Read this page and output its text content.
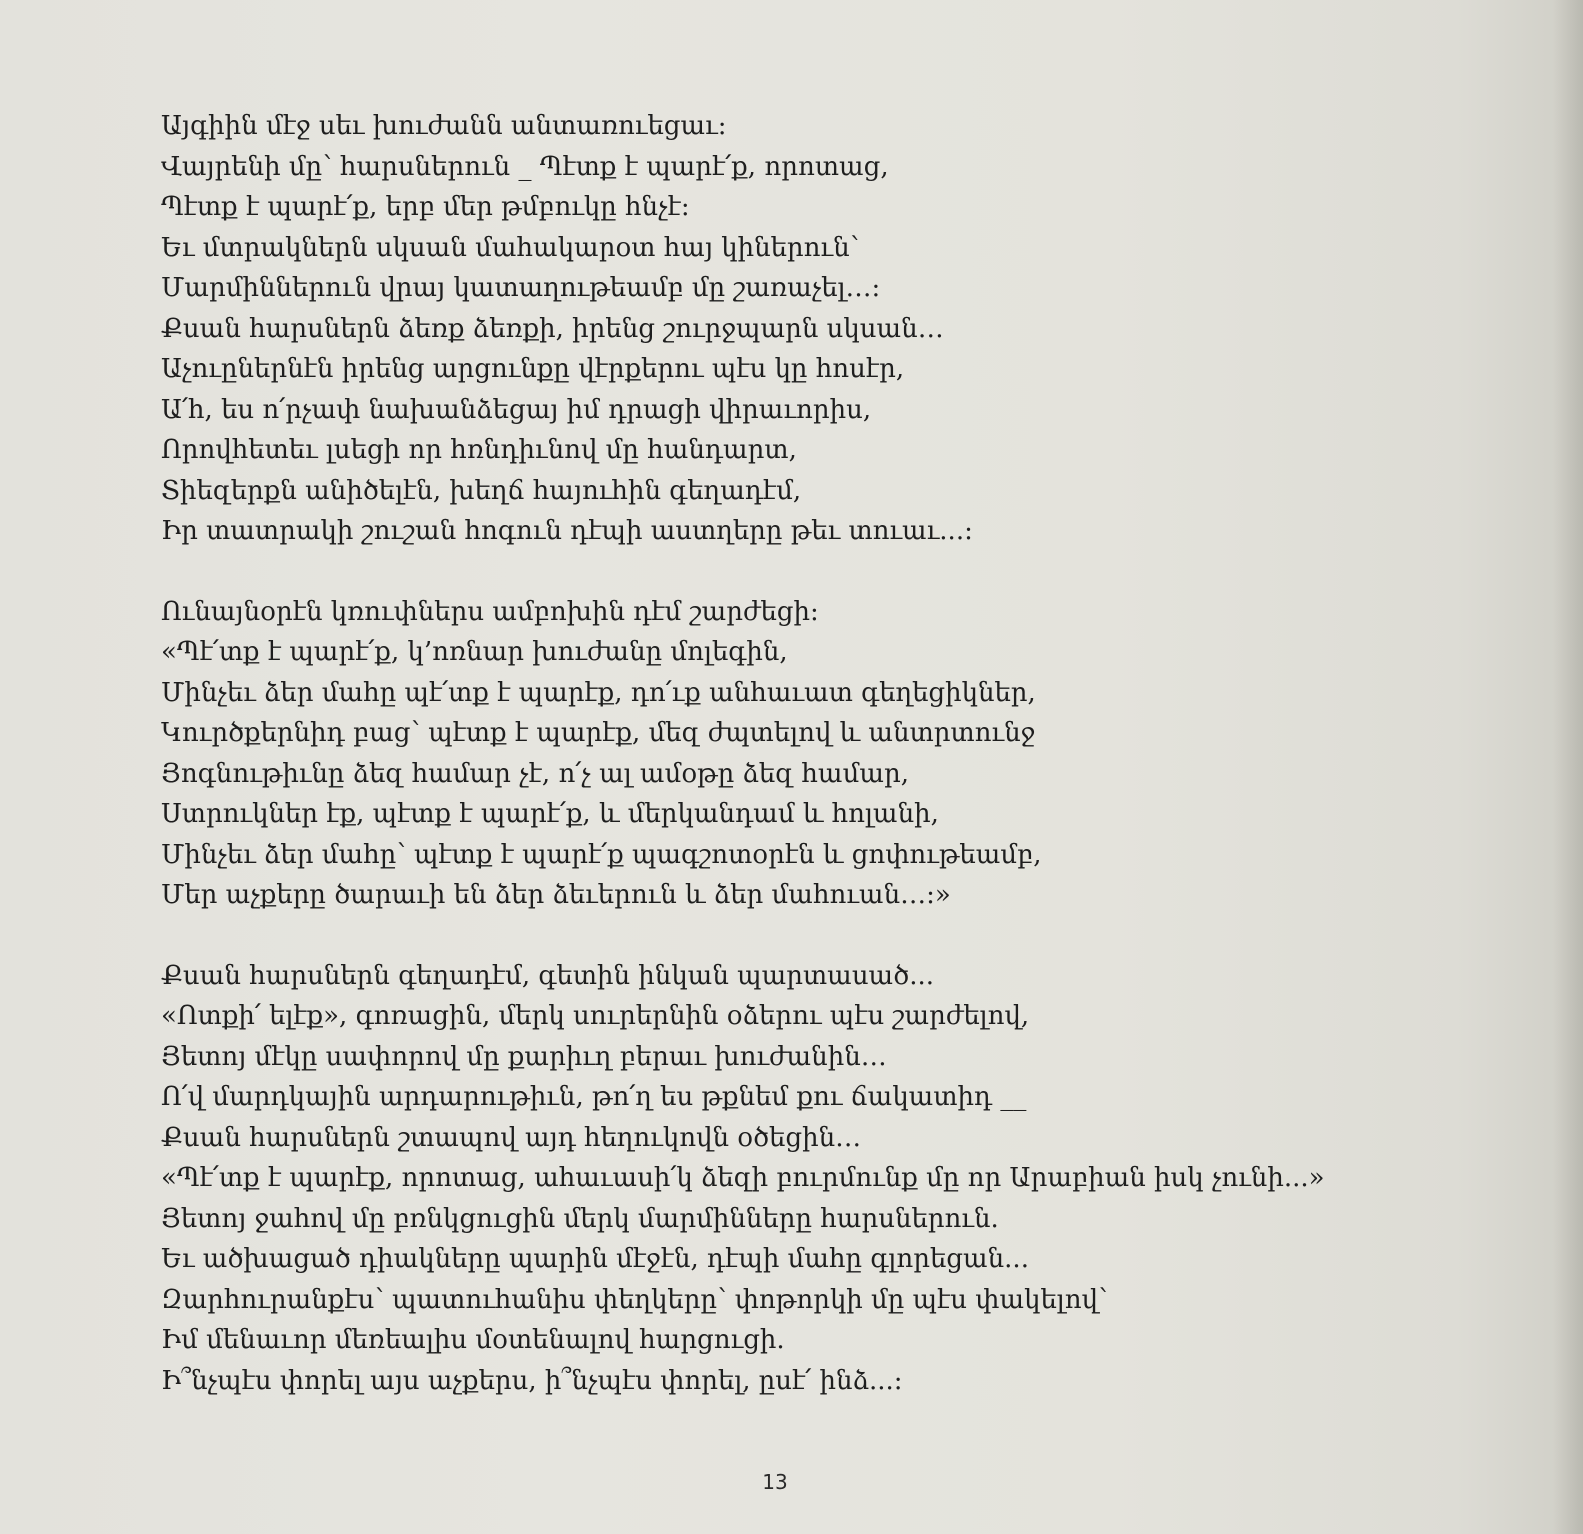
Այգիին մէջ սեւ խուժանն անտառուեցաւ:
Վայրենի մը՝ հարսներուն _ Պէտք է պարէ՛ք, որոտաց,
Պէտք է պարէ՛ք, երբ մեր թմբուկը հնչէ:
Եւ մտրակներն սկսան մահակարօտ հայ կիներուն՝
Մարմիններուն վրայ կատաղութեամբ մը շառաչել…:
Քսան հարսներն ձեռք ձեռքի, իրենց շուրջպարն սկսան…
Աչուըներնէն իրենց արցունքը վէրքերու պէս կը հոսէր,
Ա՛հ, ես ո՛րչափ նախանձեցայ իմ դրացի վիրաւորիս,
Որովհետեւ լսեցի որ հռնդիւնով մը հանդարտ,
Տիեզերքն անիծելէն, խեղճ հայուհին գեղադէմ,
Իր տատրակի շուշան հոգուն դէպի աստղերը թեւ տուաւ...:
Ունայնօրէն կռուփներս ամբոխին դէմ շարժեցի:
«Պէ՛տք է պարէ՛ք, կ’ոռնար խուժանը մոլեգին,
Մինչեւ ձեր մահը պէ՛տք է պարէք, դո՛ւք անհաւատ գեղեցիկներ,
Կուրծքերնիդ բաց՝ պէտք է պարէք, մեզ ժպտելով և անտրտունջ
Յոգնութիւնը ձեզ համար չէ, ո՛չ ալ ամօթը ձեզ համար,
Ստրուկներ էք, պէտք է պարէ՛ք, և մերկանդամ և հոլանի,
Մինչեւ ձեր մահը՝ պէտք է պարէ՛ք պագշոտօրէն և ցոփութեամբ,
Մեր աչքերը ծարաւի են ձեր ձեւերուն և ձեր մահուան…:»
Քսան հարսներն գեղադէմ, գետին ինկան պարտասած...
«Ոտքի՛ ելէք», գոռացին, մերկ սուրերնին օձերու պէս շարժելով,
Յետոյ մէկը սափորով մը քարիւղ բերաւ խուժանին…
Ո՛վ մարդկային արդարութիւն, թո՛ղ ես թքնեմ քու ճակատիդ __
Քսան հարսներն շտապով այդ հեղուկովն օծեցին…
«Պէ՛տք է պարէք, որոտաց, ահաւասի՛կ ձեզի բուրմունք մը որ Արաբիան իսկ չունի...»
Յետոյ ջահով մը բռնկցուցին մերկ մարմինները հարսներուն.
Եւ ածխացած դիակները պարին մէջէն, դէպի մահը գլորեցան...
Զարհուրանքէս՝ պատուհանիս փեղկերը՝ փոթորկի մը պէս փակելով՝
Իմ մենաւոր մեռեալիս մօտենալով հարցուցի.
Ի՞նչպէս փորել այս աչքերս, ի՞նչպէս փորել, ըսէ՛ ինձ...:
13
